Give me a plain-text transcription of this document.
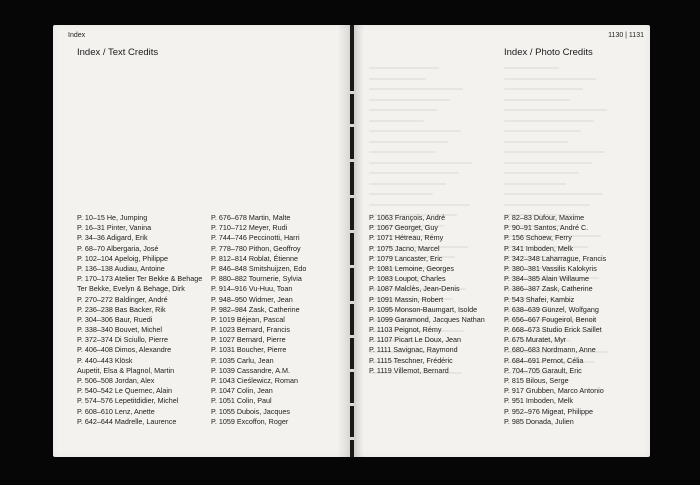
Index
Index / Text Credits
P. 10–15 He, Jumping
P. 16–31 Pinter, Vanina
P. 34–36 Adigard, Erik
P. 68–70 Albergaria, José
P. 102–104 Apeloig, Philippe
P. 136–138 Audiau, Antoine
P. 170–173 Atelier Ter Bekke & Behage
Ter Bekke, Evelyn & Behage, Dirk
P. 270–272 Baldinger, André
P. 236–238 Bas Backer, Rik
P. 304–306 Baur, Ruedi
P. 338–340 Bouvet, Michel
P. 372–374 Di Sciullo, Pierre
P. 406–408 Dimos, Alexandre
P. 440–443 Klösk
Aupetit, Elsa & Plagnol, Martin
P. 506–508 Jordan, Alex
P. 540–542 Le Quernec, Alain
P. 574–576 Lepetitdidier, Michel
P. 608–610 Lenz, Anette
P. 642–644 Madrelle, Laurence
P. 676–678 Martin, Malte
P. 710–712 Meyer, Rudi
P. 744–746 Peccinotti, Harri
P. 778–780 Pithon, Geoffroy
P. 812–814 Roblat, Étienne
P. 846–848 Smitshuijzen, Edo
P. 880–882 Tournerie, Sylvia
P. 914–916 Vu-Huu, Toan
P. 948–950 Widmer, Jean
P. 982–984 Zask, Catherine
P. 1019 Béjean, Pascal
P. 1023 Bernard, Francis
P. 1027 Bernard, Pierre
P. 1031 Boucher, Pierre
P. 1035 Carlu, Jean
P. 1039 Cassandre, A.M.
P. 1043 Cieślewicz, Roman
P. 1047 Colin, Jean
P. 1051 Colin, Paul
P. 1055 Dubois, Jacques
P. 1059 Excoffon, Roger
1130 | 1131
Index / Photo Credits
P. 1063 François, André
P. 1067 Georget, Guy
P. 1071 Hétreau, Rémy
P. 1075 Jacno, Marcel
P. 1079 Lancaster, Eric
P. 1081 Lemoine, Georges
P. 1083 Loupot, Charles
P. 1087 Malclès, Jean-Denis
P. 1091 Massin, Robert
P. 1095 Monson-Baumgart, Isolde
P. 1099 Garamond, Jacques Nathan
P. 1103 Peignot, Rémy
P. 1107 Picart Le Doux, Jean
P. 1111 Savignac, Raymond
P. 1115 Teschner, Frédéric
P. 1119 Villemot, Bernard
P. 82–83 Dufour, Maxime
P. 90–91 Santos, André C.
P. 156 Schoew, Ferry
P. 341 Imboden, Melk
P. 342–348 Laharrague, Francis
P. 380–381 Vassilis Kalokyris
P. 384–385 Alain Willaume
P. 386–387 Zask, Catherine
P. 543 Shafei, Kambiz
P. 638–639 Günzel, Wolfgang
P. 656–667 Fougeirol, Benoit
P. 668–673 Studio Erick Saillet
P. 675 Muratet, Myr
P. 680–683 Nordmann, Anne
P. 684–691 Pernot, Célia
P. 704–705 Garault, Eric
P. 815 Bilous, Serge
P. 917 Grubben, Marco Antonio
P. 951 Imboden, Melk
P. 952–976 Migeat, Philippe
P. 985 Donada, Julien
